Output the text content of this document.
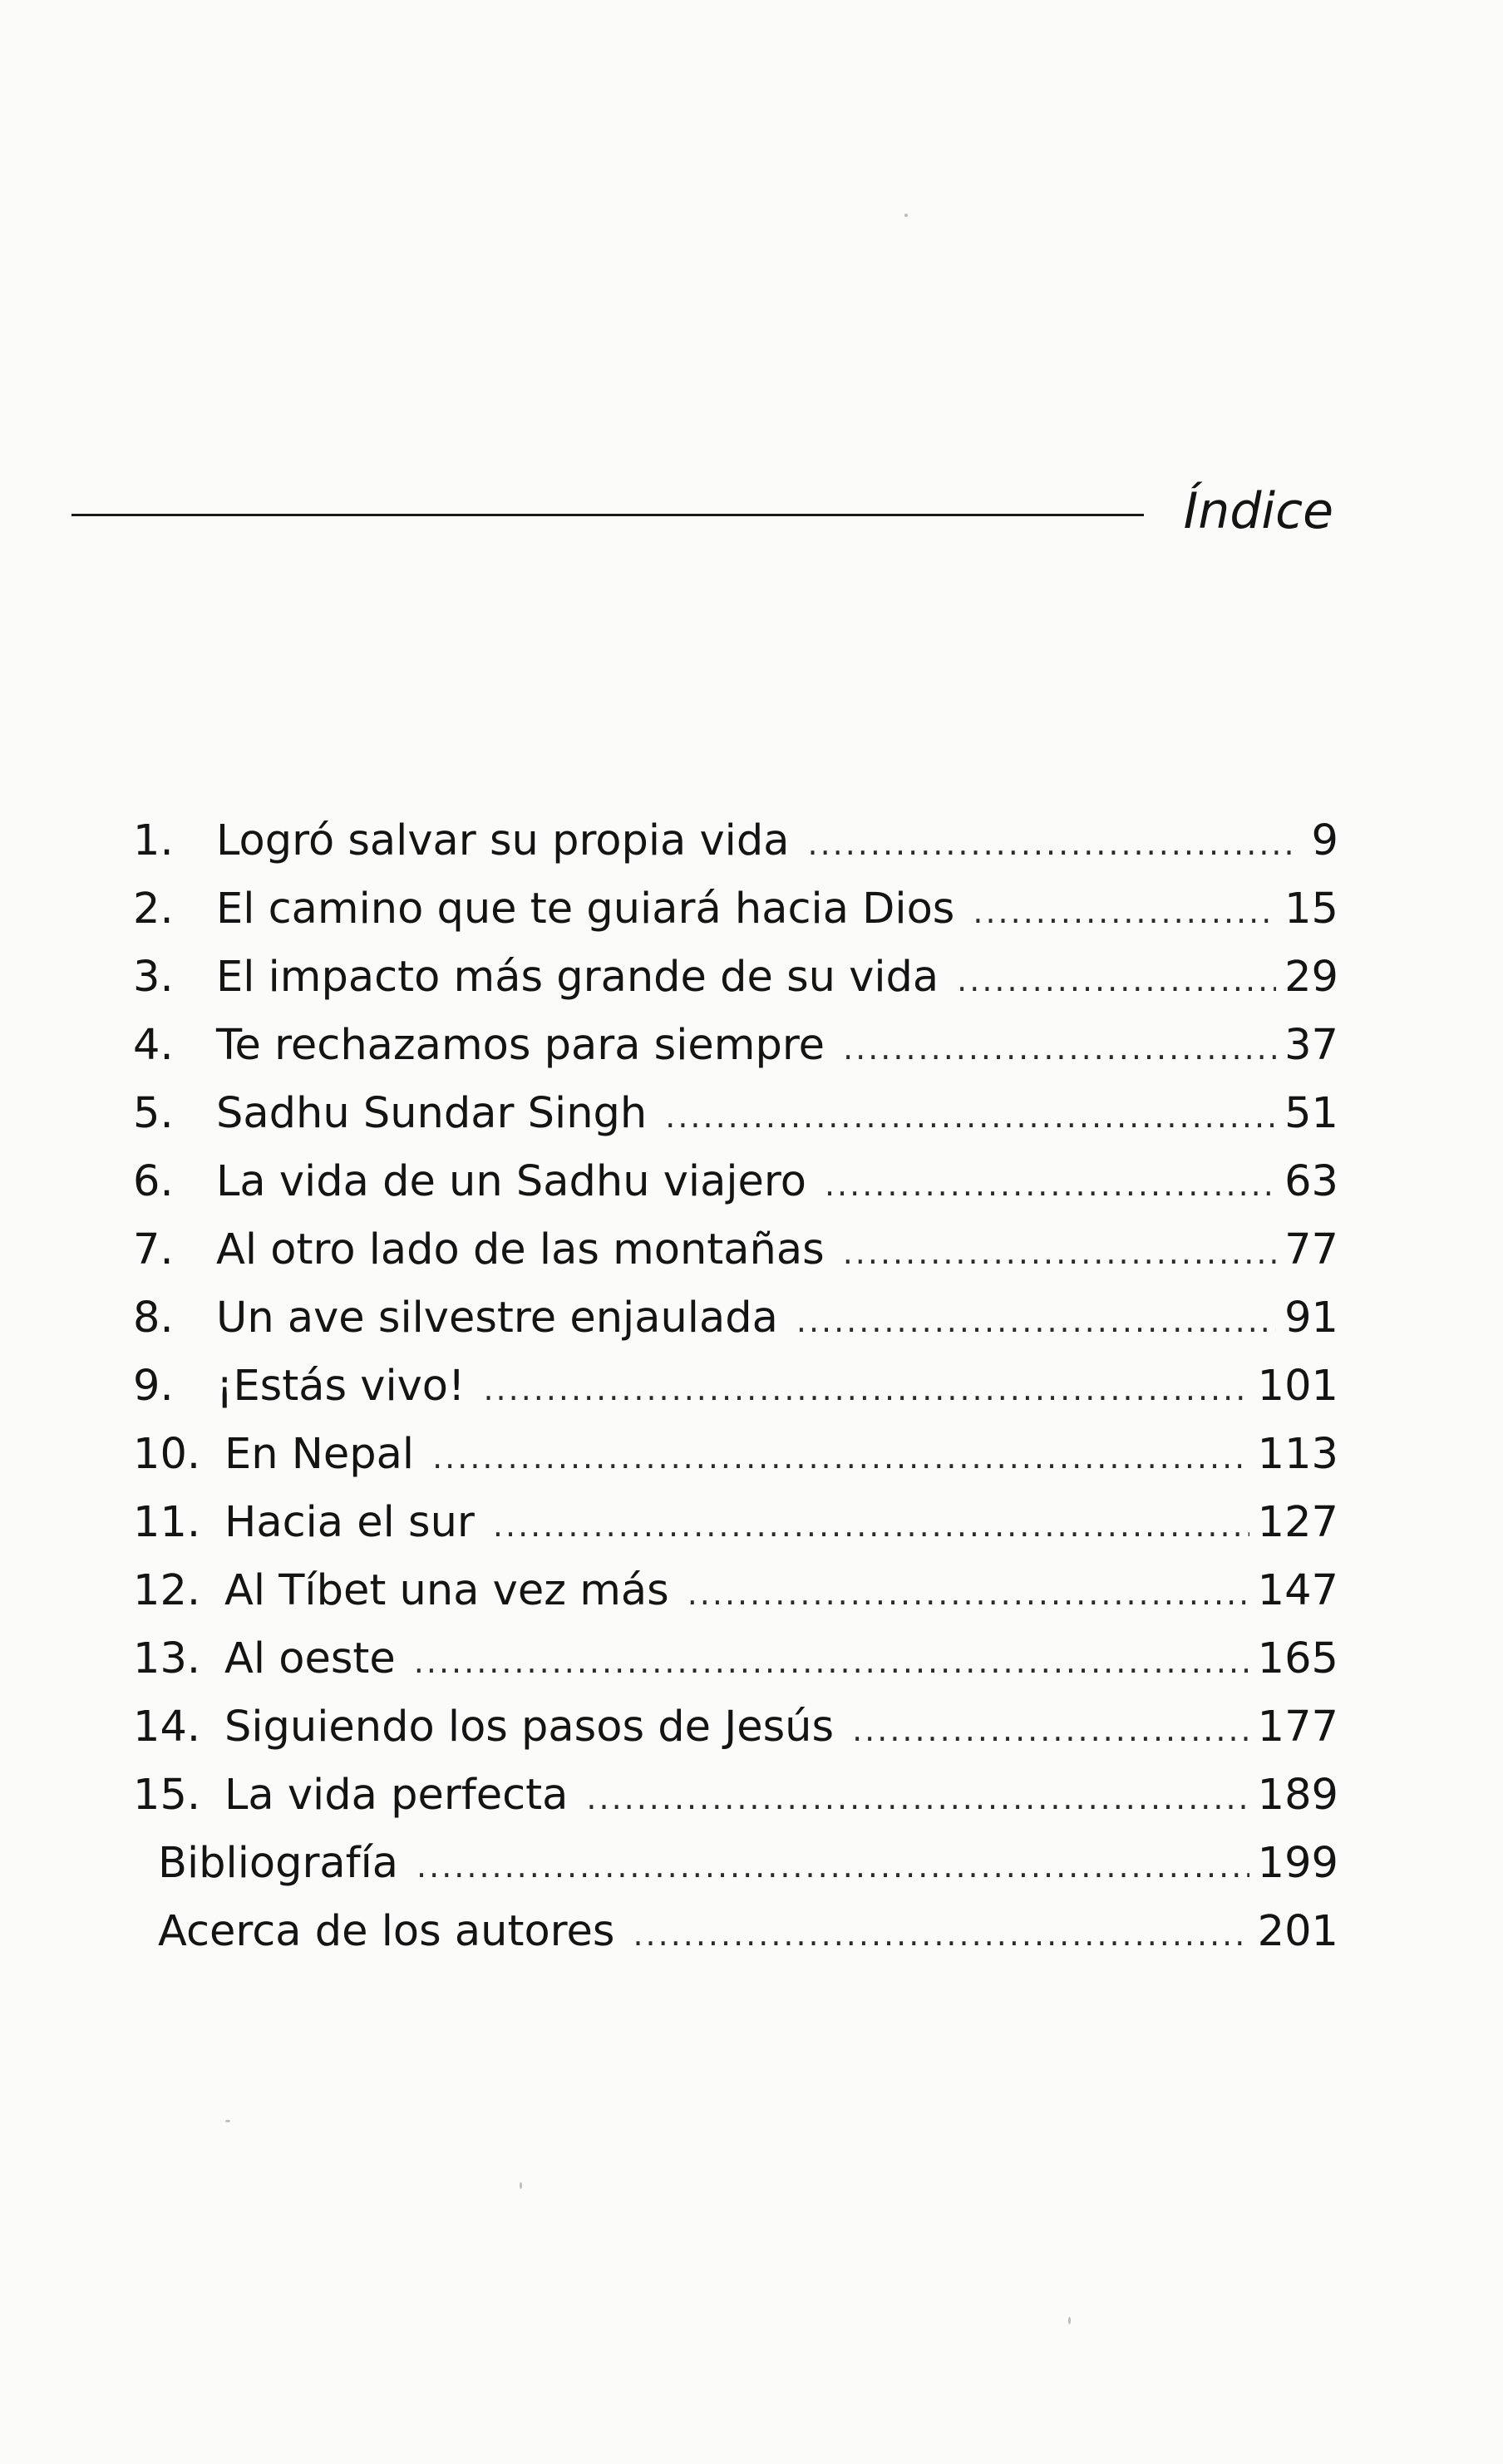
Índice
1.	Logró salvar su propia vida .....	9
2.	El camino que te guiará hacia Dios .....	15
3.	El impacto más grande de su vida .....	29
4.	Te rechazamos para siempre .....	37
5.	Sadhu Sundar Singh .....	51
6.	La vida de un Sadhu viajero .....	63
7.	Al otro lado de las montañas .....	77
8.	Un ave silvestre enjaulada .....	91
9.	¡Estás vivo! .....	101
10. En Nepal .....	113
11. Hacia el sur .....	127
12. Al Tíbet una vez más .....	147
13. Al oeste .....	165
14. Siguiendo los pasos de Jesús .....	177
15. La vida perfecta .....	189
Bibliografía .....	199
Acerca de los autores .....	201
